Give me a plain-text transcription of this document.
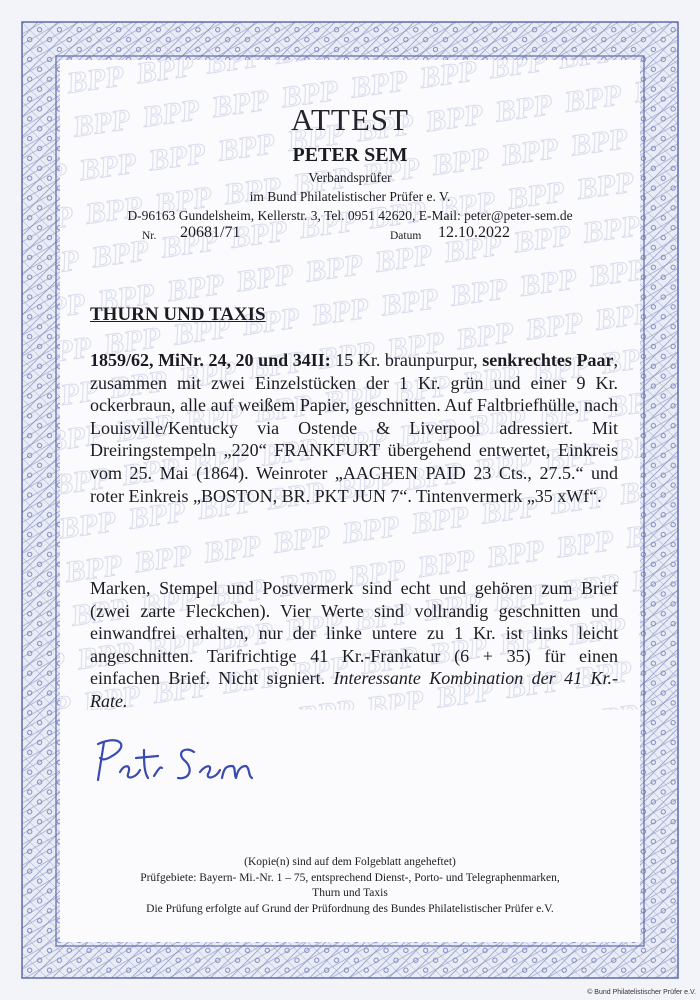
ATTEST
PETER SEM
Verbandsprüfer
im Bund Philatelistischer Prüfer e. V.
D-96163 Gundelsheim, Kellerstr. 3, Tel. 0951 42620, E-Mail: peter@peter-sem.de
Nr. 20681/71	Datum 12.10.2022
THURN UND TAXIS

1859/62, MiNr. 24, 20 und 34II: 15 Kr. braunpurpur, senkrechtes Paar, zusammen mit zwei Einzelstücken der 1 Kr. grün und einer 9 Kr. ockerbraun, alle auf weißem Papier, geschnitten. Auf Faltbriefhülle, nach Louisville/Kentucky via Ostende & Liverpool adressiert. Mit Dreiringstempeln „220“ FRANKFURT übergehend entwertet, Einkreis vom 25. Mai (1864). Weinroter „AACHEN PAID 23 Cts., 27.5.“ und roter Einkreis „BOSTON, BR. PKT JUN 7“. Tintenvermerk „35 xWf“.

Marken, Stempel und Postvermerk sind echt und gehören zum Brief (zwei zarte Fleckchen). Vier Werte sind vollrandig geschnitten und einwandfrei erhalten, nur der linke untere zu 1 Kr. ist links leicht angeschnitten. Tarifrichtige 41 Kr.-Frankatur (6 + 35) für einen einfachen Brief. Nicht signiert. Interessante Kombination der 41 Kr.-Rate.

(Kopie(n) sind auf dem Folgeblatt angeheftet)
Prüfgebiete: Bayern- Mi.-Nr. 1 – 75, entsprechend Dienst-, Porto- und Telegraphenmarken,
Thurn und Taxis
Die Prüfung erfolgte auf Grund der Prüfordnung des Bundes Philatelistischer Prüfer e.V.
© Bund Philatelistischer Prüfer e.V.
